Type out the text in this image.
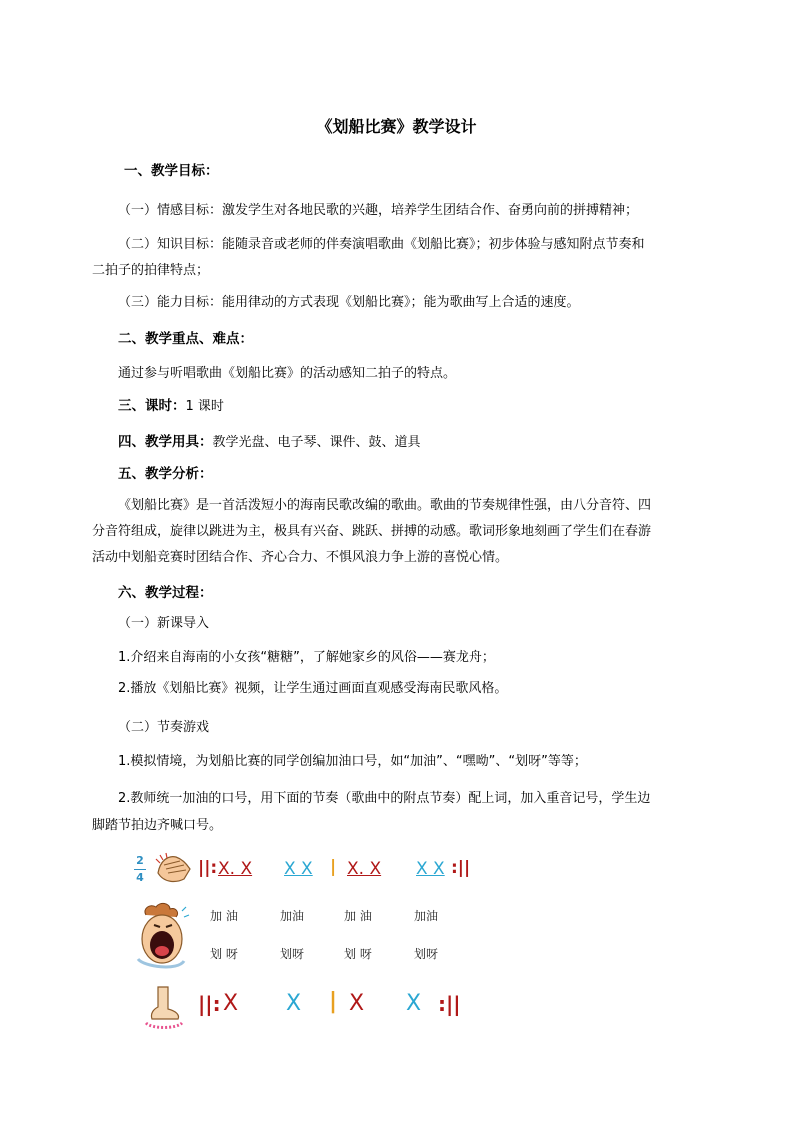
《划船比赛》教学设计
一、教学目标：
（一）情感目标：激发学生对各地民歌的兴趣，培养学生团结合作、奋勇向前的拼搏精神；
（二）知识目标：能随录音或老师的伴奏演唱歌曲《划船比赛》；初步体验与感知附点节奏和
二拍子的拍律特点；
（三）能力目标：能用律动的方式表现《划船比赛》；能为歌曲写上合适的速度。
二、教学重点、难点：
通过参与听唱歌曲《划船比赛》的活动感知二拍子的特点。
三、课时：1 课时
四、教学用具：教学光盘、电子琴、课件、鼓、道具
五、教学分析：
《划船比赛》是一首活泼短小的海南民歌改编的歌曲。歌曲的节奏规律性强，由八分音符、四
分音符组成，旋律以跳进为主，极具有兴奋、跳跃、拼搏的动感。歌词形象地刻画了学生们在春游
活动中划船竞赛时团结合作、齐心合力、不惧风浪力争上游的喜悦心情。
六、教学过程：
（一）新课导入
1.介绍来自海南的小女孩“糖糖”，了解她家乡的风俗——赛龙舟；
2.播放《划船比赛》视频，让学生通过画面直观感受海南民歌风格。
（二）节奏游戏
1.模拟情境，为划船比赛的同学创编加油口号，如“加油”、“嘿呦”、“划呀”等等；
2.教师统一加油的口号，用下面的节奏（歌曲中的附点节奏）配上词，加入重音记号，学生边
脚踏节拍边齐喊口号。
2
4	||: X. X X X | X. X X X :||
加 油	加油	加 油	加油
划 呀	划呀	划 呀	划呀
||: X X | X X :||
